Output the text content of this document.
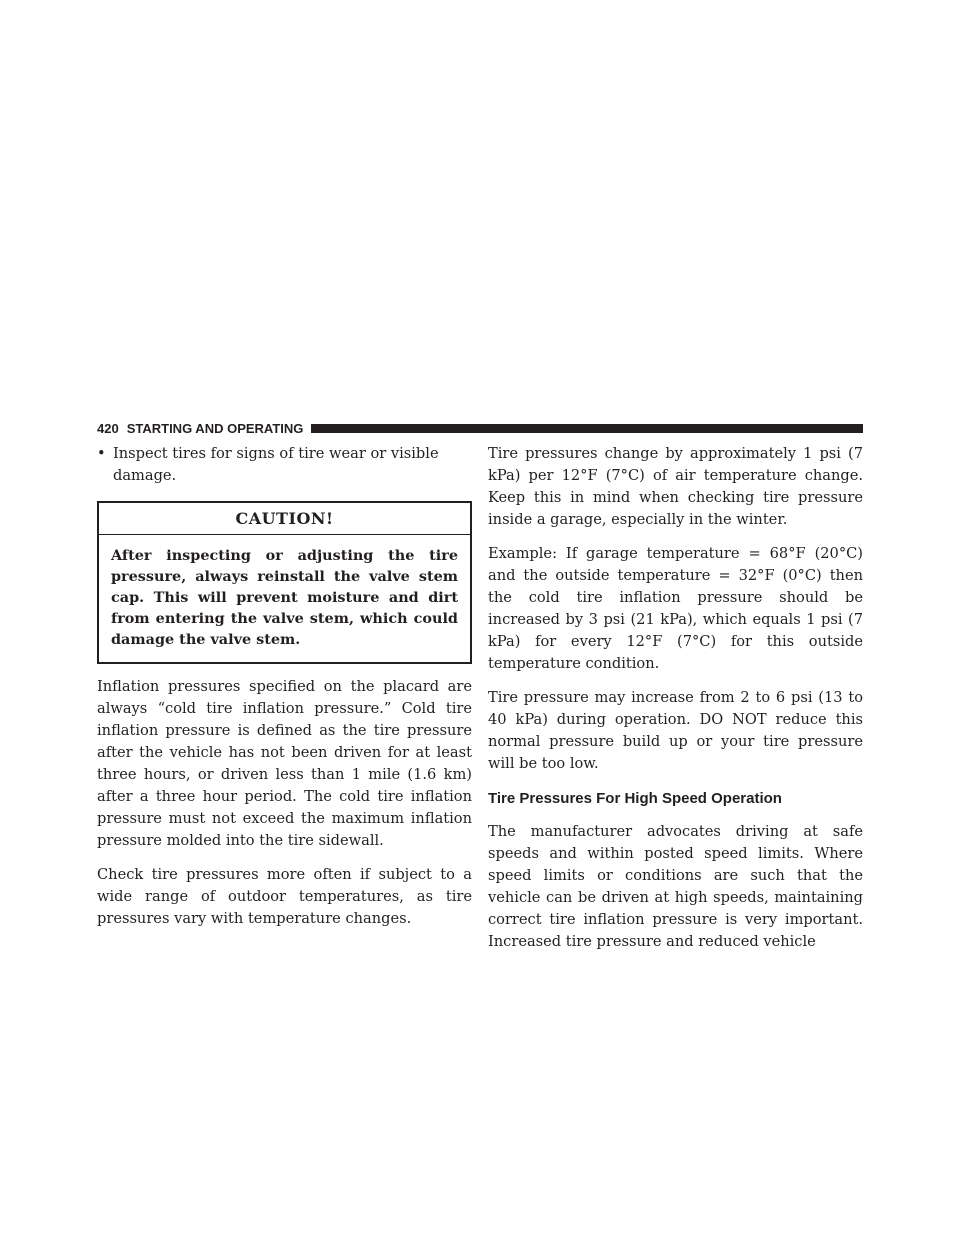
420 STARTING AND OPERATING
• Inspect tires for signs of tire wear or visible damage.
CAUTION!

After inspecting or adjusting the tire pressure, always reinstall the valve stem cap. This will prevent moisture and dirt from entering the valve stem, which could damage the valve stem.

Inflation pressures specified on the placard are always “cold tire inflation pressure.” Cold tire inflation pressure is defined as the tire pressure after the vehicle has not been driven for at least three hours, or driven less than 1 mile (1.6 km) after a three hour period. The cold tire inflation pressure must not exceed the maximum inflation pressure molded into the tire sidewall.

Check tire pressures more often if subject to a wide range of outdoor temperatures, as tire pressures vary with temperature changes.

Tire pressures change by approximately 1 psi (7 kPa) per 12°F (7°C) of air temperature change. Keep this in mind when checking tire pressure inside a garage, especially in the winter.

Example: If garage temperature = 68°F (20°C) and the outside temperature = 32°F (0°C) then the cold tire inflation pressure should be increased by 3 psi (21 kPa), which equals 1 psi (7 kPa) for every 12°F (7°C) for this outside temperature condition.

Tire pressure may increase from 2 to 6 psi (13 to 40 kPa) during operation. DO NOT reduce this normal pressure build up or your tire pressure will be too low.

Tire Pressures For High Speed Operation

The manufacturer advocates driving at safe speeds and within posted speed limits. Where speed limits or conditions are such that the vehicle can be driven at high speeds, maintaining correct tire inflation pressure is very important. Increased tire pressure and reduced vehicle
